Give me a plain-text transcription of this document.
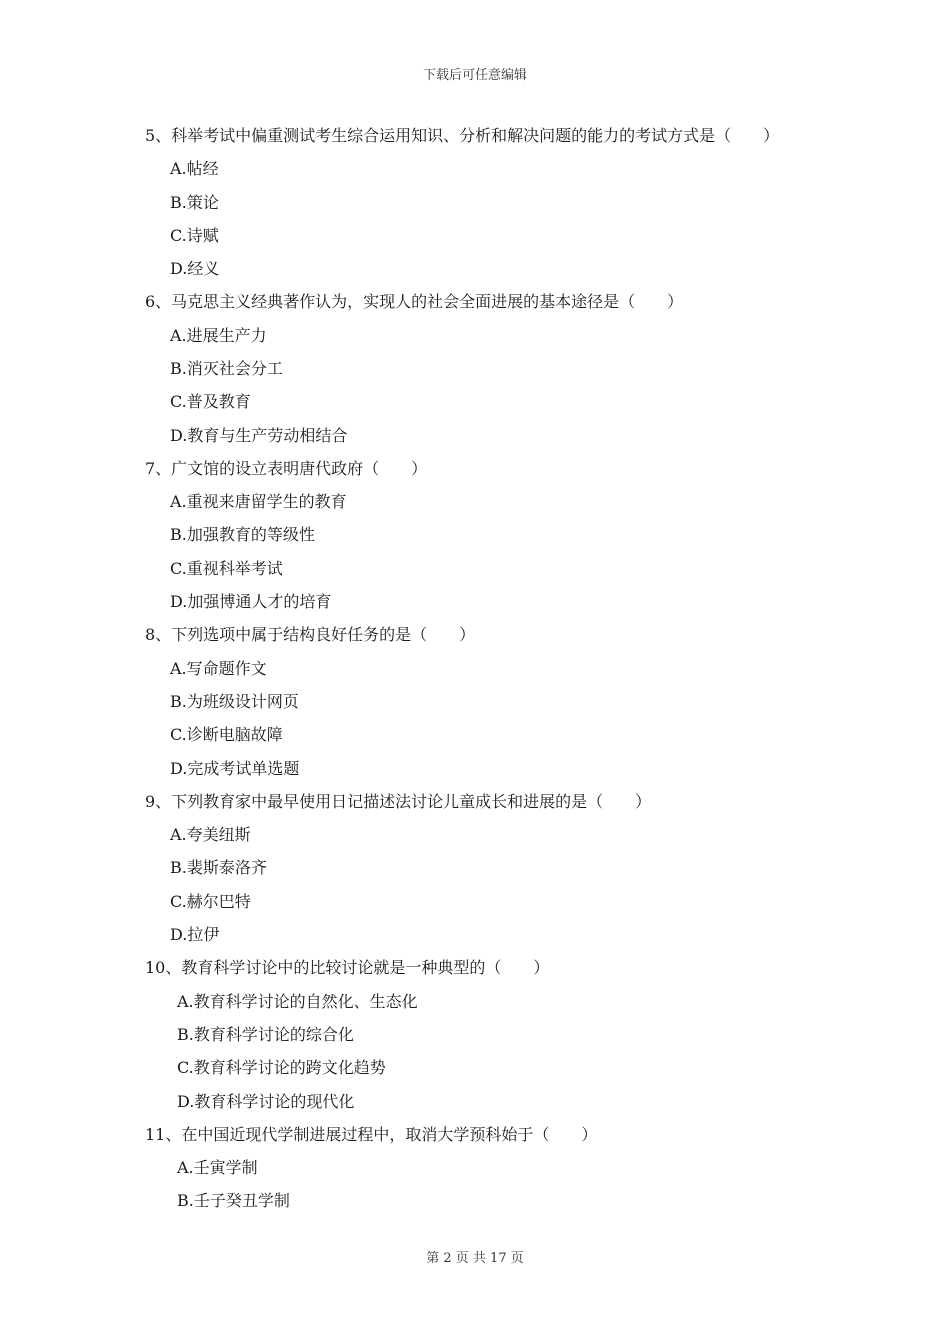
下载后可任意编辑
5、科举考试中偏重测试考生综合运用知识、分析和解决问题的能力的考试方式是（　　）
A.帖经
B.策论
C.诗赋
D.经义
6、马克思主义经典著作认为，实现人的社会全面进展的基本途径是（　　）
A.进展生产力
B.消灭社会分工
C.普及教育
D.教育与生产劳动相结合
7、广文馆的设立表明唐代政府（　　）
A.重视来唐留学生的教育
B.加强教育的等级性
C.重视科举考试
D.加强博通人才的培育
8、下列选项中属于结构良好任务的是（　　）
A.写命题作文
B.为班级设计网页
C.诊断电脑故障
D.完成考试单选题
9、下列教育家中最早使用日记描述法讨论儿童成长和进展的是（　　）
A.夸美纽斯
B.裴斯泰洛齐
C.赫尔巴特
D.拉伊
10、教育科学讨论中的比较讨论就是一种典型的（　　）
A.教育科学讨论的自然化、生态化
B.教育科学讨论的综合化
C.教育科学讨论的跨文化趋势
D.教育科学讨论的现代化
11、在中国近现代学制进展过程中，取消大学预科始于（　　）
A.壬寅学制
B.壬子癸丑学制
第 2 页 共 17 页
